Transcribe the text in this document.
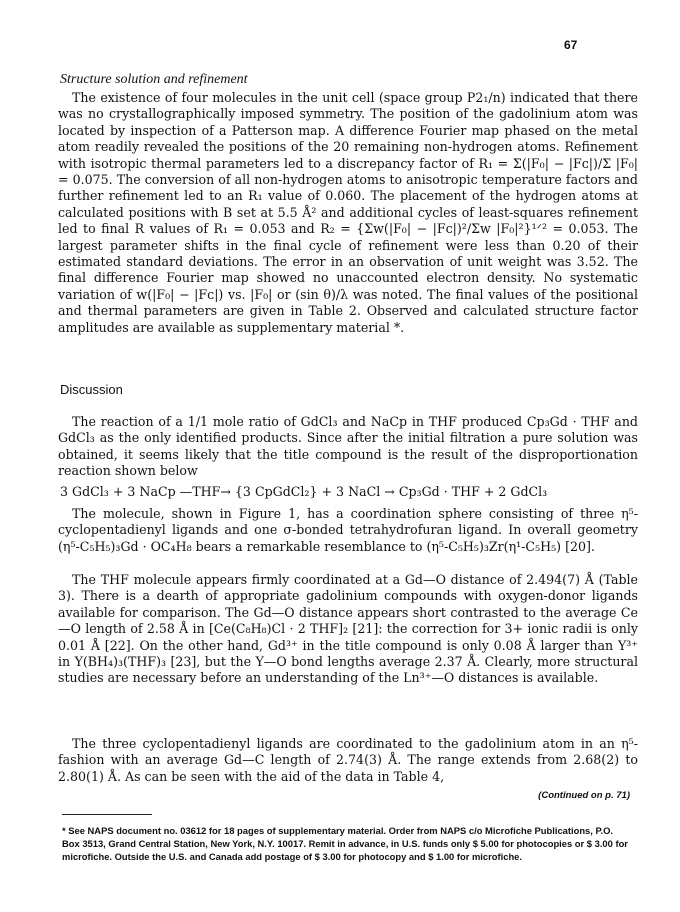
67
Structure solution and refinement

The existence of four molecules in the unit cell (space group P2₁/n) indicated that there was no crystallographically imposed symmetry. The position of the gadolinium atom was located by inspection of a Patterson map. A difference Fourier map phased on the metal atom readily revealed the positions of the 20 remaining non-hydrogen atoms. Refinement with isotropic thermal parameters led to a discrepancy factor of R₁ = Σ(|F₀| − |Fᴄ|)/Σ |F₀| = 0.075. The conversion of all non-hydrogen atoms to anisotropic temperature factors and further refinement led to an R₁ value of 0.060. The placement of the hydrogen atoms at calculated positions with B set at 5.5 Å² and additional cycles of least-squares refinement led to final R values of R₁ = 0.053 and R₂ = {Σw(|F₀| − |Fᴄ|)²/Σw |F₀|²}¹ᐟ² = 0.053. The largest parameter shifts in the final cycle of refinement were less than 0.20 of their estimated standard deviations. The error in an observation of unit weight was 3.52. The final difference Fourier map showed no unaccounted electron density. No systematic variation of w(|F₀| − |Fᴄ|) vs. |F₀| or (sin θ)/λ was noted. The final values of the positional and thermal parameters are given in Table 2. Observed and calculated structure factor amplitudes are available as supplementary material *.

Discussion

The reaction of a 1/1 mole ratio of GdCl₃ and NaCp in THF produced Cp₃Gd · THF and GdCl₃ as the only identified products. Since after the initial filtration a pure solution was obtained, it seems likely that the title compound is the result of the disproportionation reaction shown below

3 GdCl₃ + 3 NaCp —THF→ {3 CpGdCl₂} + 3 NaCl → Cp₃Gd · THF + 2 GdCl₃

The molecule, shown in Figure 1, has a coordination sphere consisting of three η⁵-cyclopentadienyl ligands and one σ-bonded tetrahydrofuran ligand. In overall geometry (η⁵-C₅H₅)₃Gd · OC₄H₈ bears a remarkable resemblance to (η⁵-C₅H₅)₃Zr(η¹-C₅H₅) [20].

The THF molecule appears firmly coordinated at a Gd—O distance of 2.494(7) Å (Table 3). There is a dearth of appropriate gadolinium compounds with oxygen-donor ligands available for comparison. The Gd—O distance appears short contrasted to the average Ce—O length of 2.58 Å in [Ce(C₈H₈)Cl · 2 THF]₂ [21]: the correction for 3+ ionic radii is only 0.01 Å [22]. On the other hand, Gd³⁺ in the title compound is only 0.08 Å larger than Y³⁺ in Y(BH₄)₃(THF)₃ [23], but the Y—O bond lengths average 2.37 Å. Clearly, more structural studies are necessary before an understanding of the Ln³⁺—O distances is available.

The three cyclopentadienyl ligands are coordinated to the gadolinium atom in an η⁵-fashion with an average Gd—C length of 2.74(3) Å. The range extends from 2.68(2) to 2.80(1) Å. As can be seen with the aid of the data in Table 4,

(Continued on p. 71)
* See NAPS document no. 03612 for 18 pages of supplementary material. Order from NAPS c/o Microfiche Publications, P.O. Box 3513, Grand Central Station, New York, N.Y. 10017. Remit in advance, in U.S. funds only $ 5.00 for photocopies or $ 3.00 for microfiche. Outside the U.S. and Canada add postage of $ 3.00 for photocopy and $ 1.00 for microfiche.
